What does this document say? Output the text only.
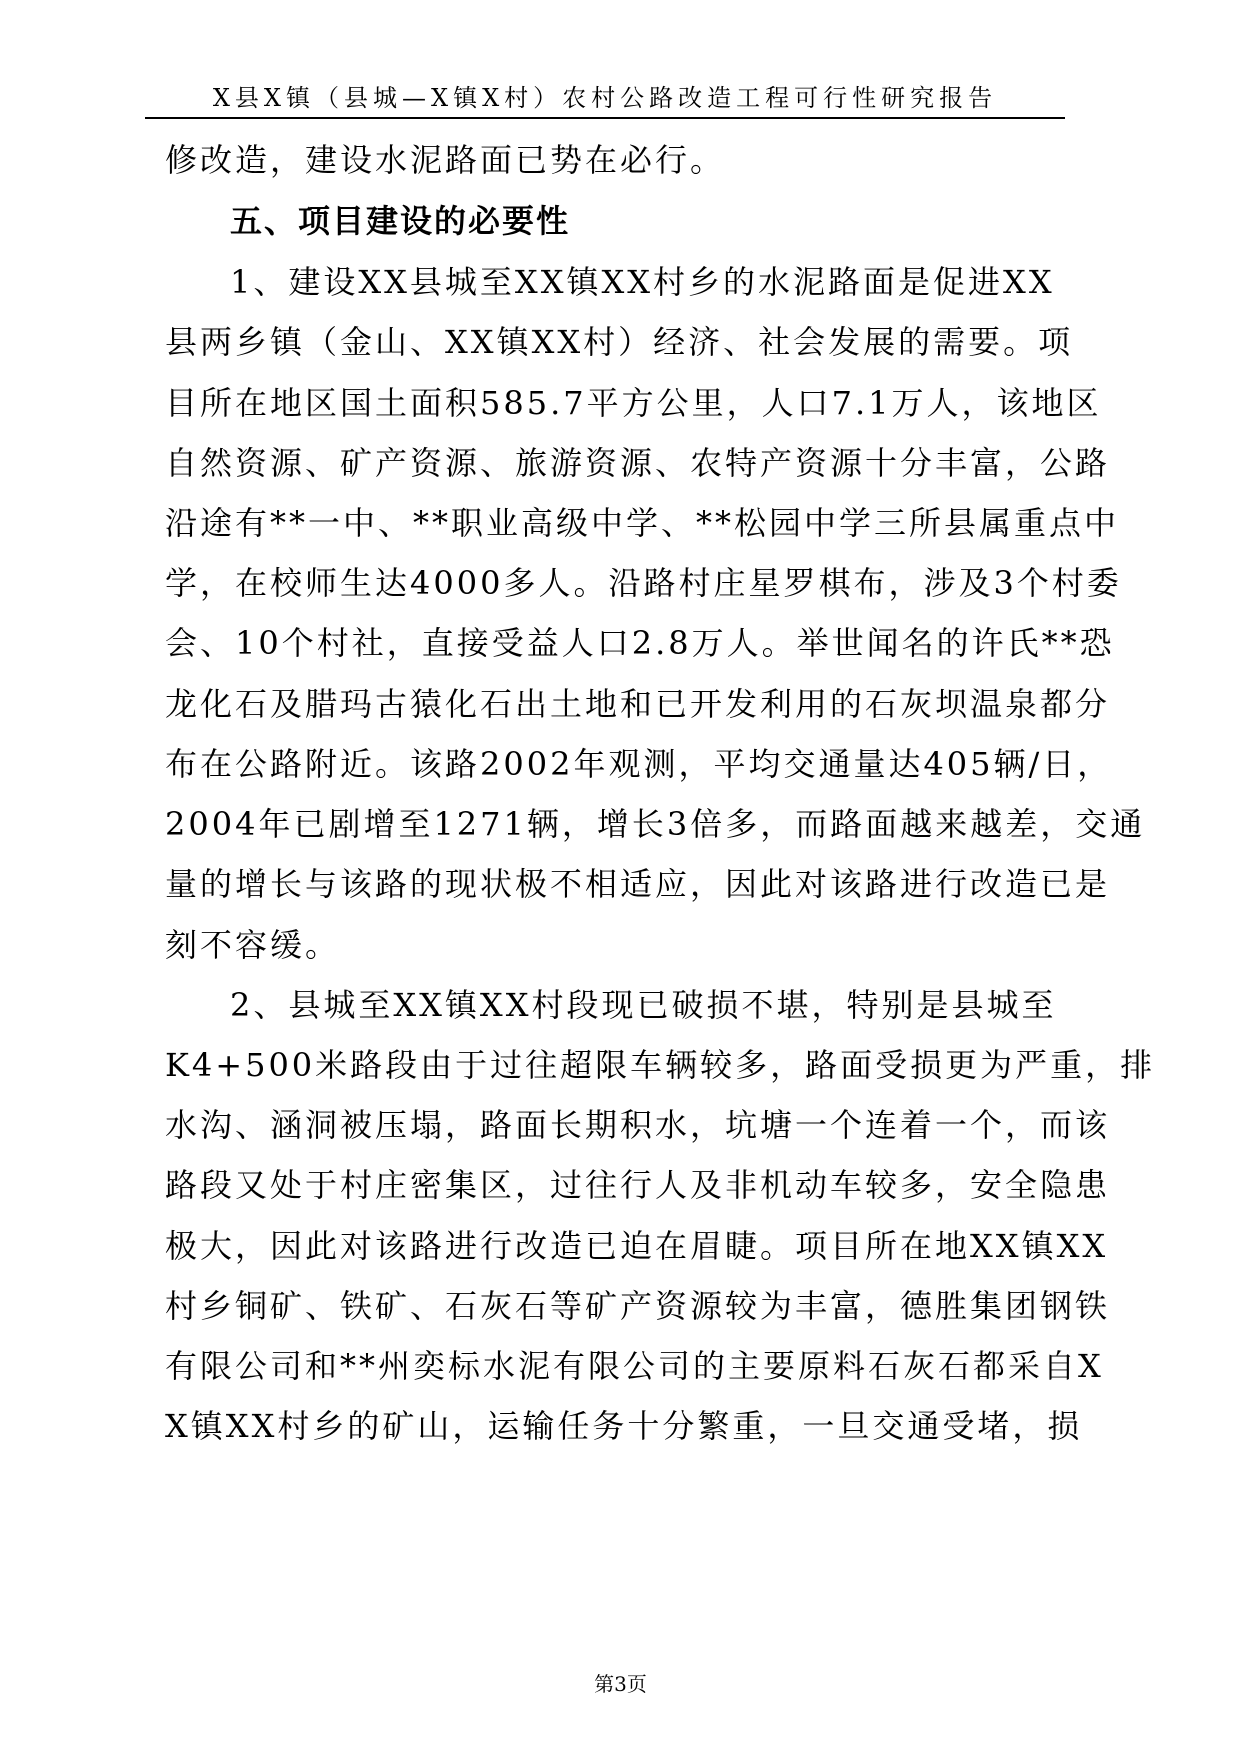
X县X镇（县城—X镇X村）农村公路改造工程可行性研究报告
修改造，建设水泥路面已势在必行。
五、项目建设的必要性
1、建设XX县城至XX镇XX村乡的水泥路面是促进XX
县两乡镇（金山、XX镇XX村）经济、社会发展的需要。项
目所在地区国土面积585.7平方公里，人口7.1万人，该地区
自然资源、矿产资源、旅游资源、农特产资源十分丰富，公路
沿途有**一中、**职业高级中学、**松园中学三所县属重点中
学，在校师生达4000多人。沿路村庄星罗棋布，涉及3个村委
会、10个村社，直接受益人口2.8万人。举世闻名的许氏**恐
龙化石及腊玛古猿化石出土地和已开发利用的石灰坝温泉都分
布在公路附近。该路2002年观测，平均交通量达405辆/日，
2004年已剧增至1271辆，增长3倍多，而路面越来越差，交通
量的增长与该路的现状极不相适应，因此对该路进行改造已是
刻不容缓。
2、县城至XX镇XX村段现已破损不堪，特别是县城至
K4+500米路段由于过往超限车辆较多，路面受损更为严重，排
水沟、涵洞被压塌，路面长期积水，坑塘一个连着一个，而该
路段又处于村庄密集区，过往行人及非机动车较多，安全隐患
极大，因此对该路进行改造已迫在眉睫。项目所在地XX镇XX
村乡铜矿、铁矿、石灰石等矿产资源较为丰富，德胜集团钢铁
有限公司和**州奕标水泥有限公司的主要原料石灰石都采自X
X镇XX村乡的矿山，运输任务十分繁重，一旦交通受堵，损
第3页
